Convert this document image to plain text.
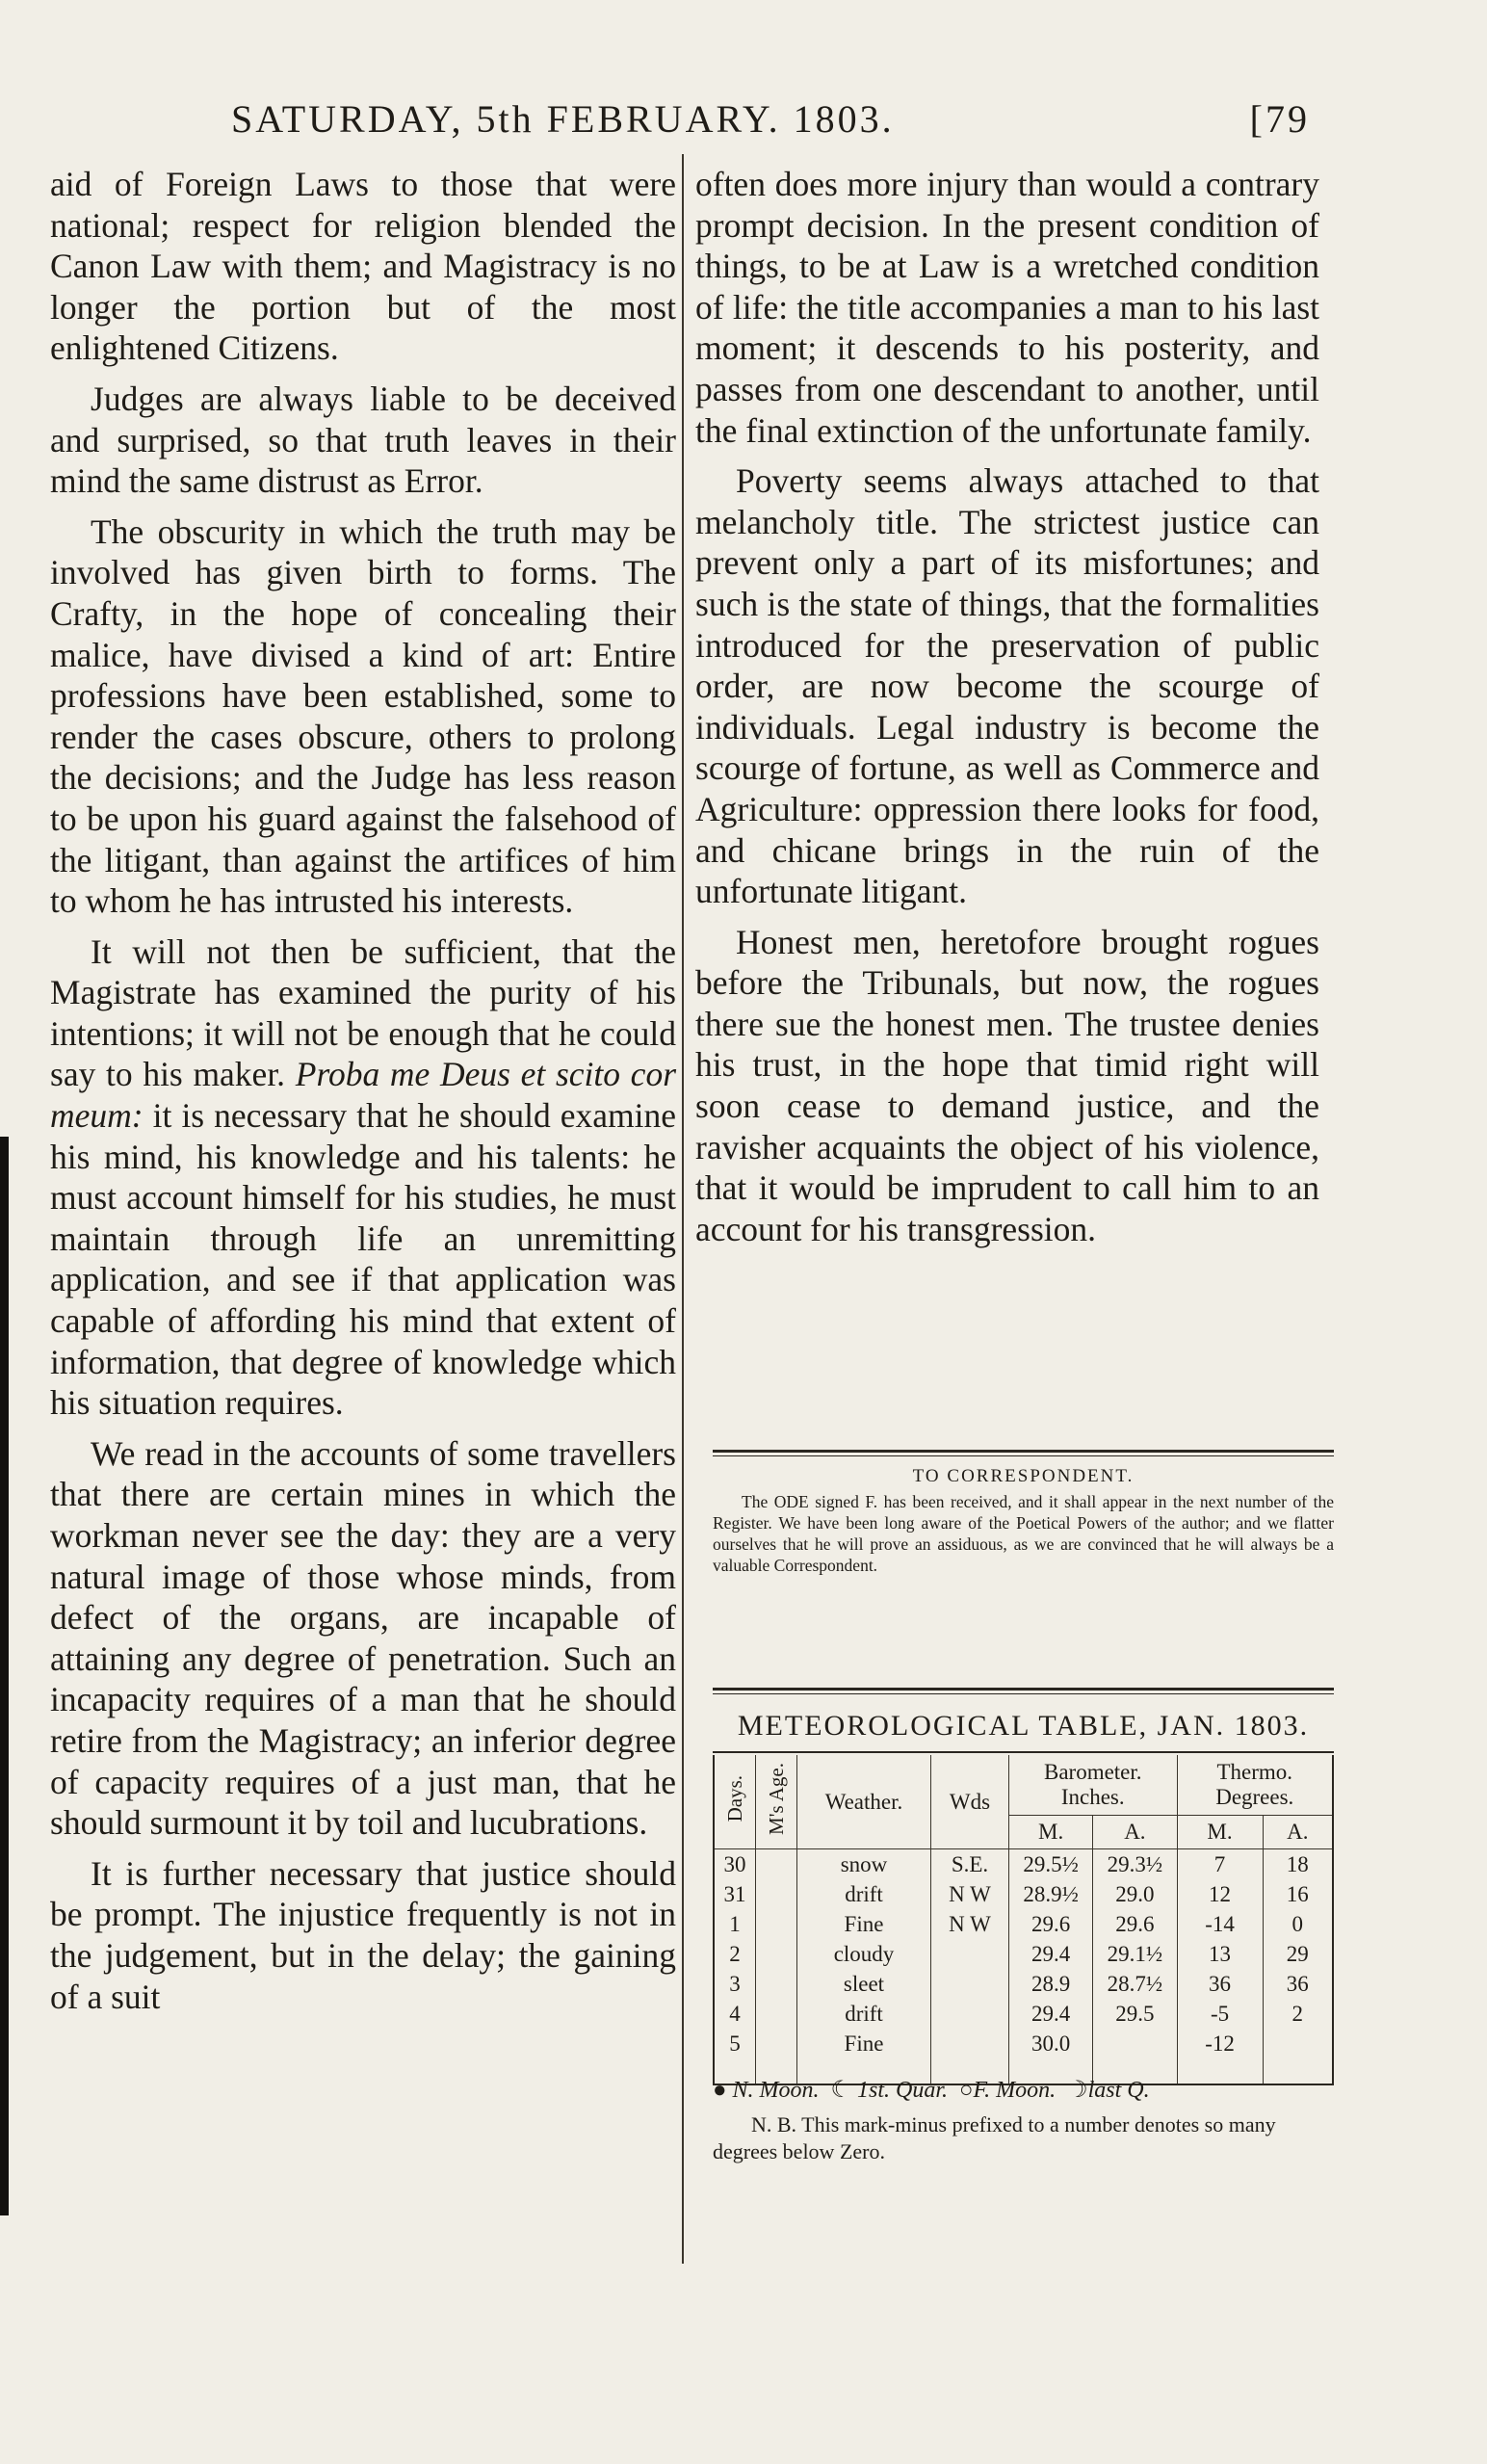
SATURDAY, 5th FEBRUARY. 1803.	[79

aid of Foreign Laws to those that were national; respect for religion blended the Canon Law with them; and Magistracy is no longer the portion but of the most enlightened Citizens.

Judges are always liable to be deceived and surprised, so that truth leaves in their mind the same distrust as Error.

The obscurity in which the truth may be involved has given birth to forms. The Crafty, in the hope of concealing their malice, have divised a kind of art: Entire professions have been established, some to render the cases obscure, others to prolong the decisions; and the Judge has less reason to be upon his guard against the falsehood of the litigant, than against the artifices of him to whom he has intrusted his interests.

It will not then be sufficient, that the Magistrate has examined the purity of his intentions; it will not be enough that he could say to his maker. Proba me Deus et scito cor meum: it is necessary that he should examine his mind, his knowledge and his talents: he must account himself for his studies, he must maintain through life an unremitting application, and see if that application was capable of affording his mind that extent of information, that degree of knowledge which his situation requires.

We read in the accounts of some travellers that there are certain mines in which the workman never see the day: they are a very natural image of those whose minds, from defect of the organs, are incapable of attaining any degree of penetration. Such an incapacity requires of a man that he should retire from the Magistracy; an inferior degree of capacity requires of a just man, that he should surmount it by toil and lucubrations.

It is further necessary that justice should be prompt. The injustice frequently is not in the judgement, but in the delay; the gaining of a suit

often does more injury than would a contrary prompt decision. In the present condition of things, to be at Law is a wretched condition of life: the title accompanies a man to his last moment; it descends to his posterity, and passes from one descendant to another, until the final extinction of the unfortunate family.

Poverty seems always attached to that melancholy title. The strictest justice can prevent only a part of its misfortunes; and such is the state of things, that the formalities introduced for the preservation of public order, are now become the scourge of individuals. Legal industry is become the scourge of fortune, as well as Commerce and Agriculture: oppression there looks for food, and chicane brings in the ruin of the unfortunate litigant.

Honest men, heretofore brought rogues before the Tribunals, but now, the rogues there sue the honest men. The trustee denies his trust, in the hope that timid right will soon cease to demand justice, and the ravisher acquaints the object of his violence, that it would be imprudent to call him to an account for his transgression.

TO CORRESPONDENT.
The ODE signed F. has been received, and it shall appear in the next number of the Register. We have been long aware of the Poetical Powers of the author; and we flatter ourselves that he will prove an assiduous, as we are convinced that he will always be a valuable Correspondent.
METEOROLOGICAL TABLE, JAN. 1803.
Days.	M's Age.	Weather.	Wds	Barometer. Inches.		Thermo. Degrees.	
				M.	A.	M.	A.
30		snow	S.E.	29.5½	29.3½	7	18
31		drift	N W	28.9½	29.0	12	16
1		Fine	N W	29.6	29.6	-14	0
2		cloudy		29.4	29.1½	13	29
3		sleet		28.9	28.7½	36	36
4		drift		29.4	29.5	-5	2
5		Fine		30.0		-12	

● N. Moon. ☾ 1st. Quar. ○F. Moon. ☽last Q.
N. B. This mark-minus prefixed to a number denotes so many degrees below Zero.
